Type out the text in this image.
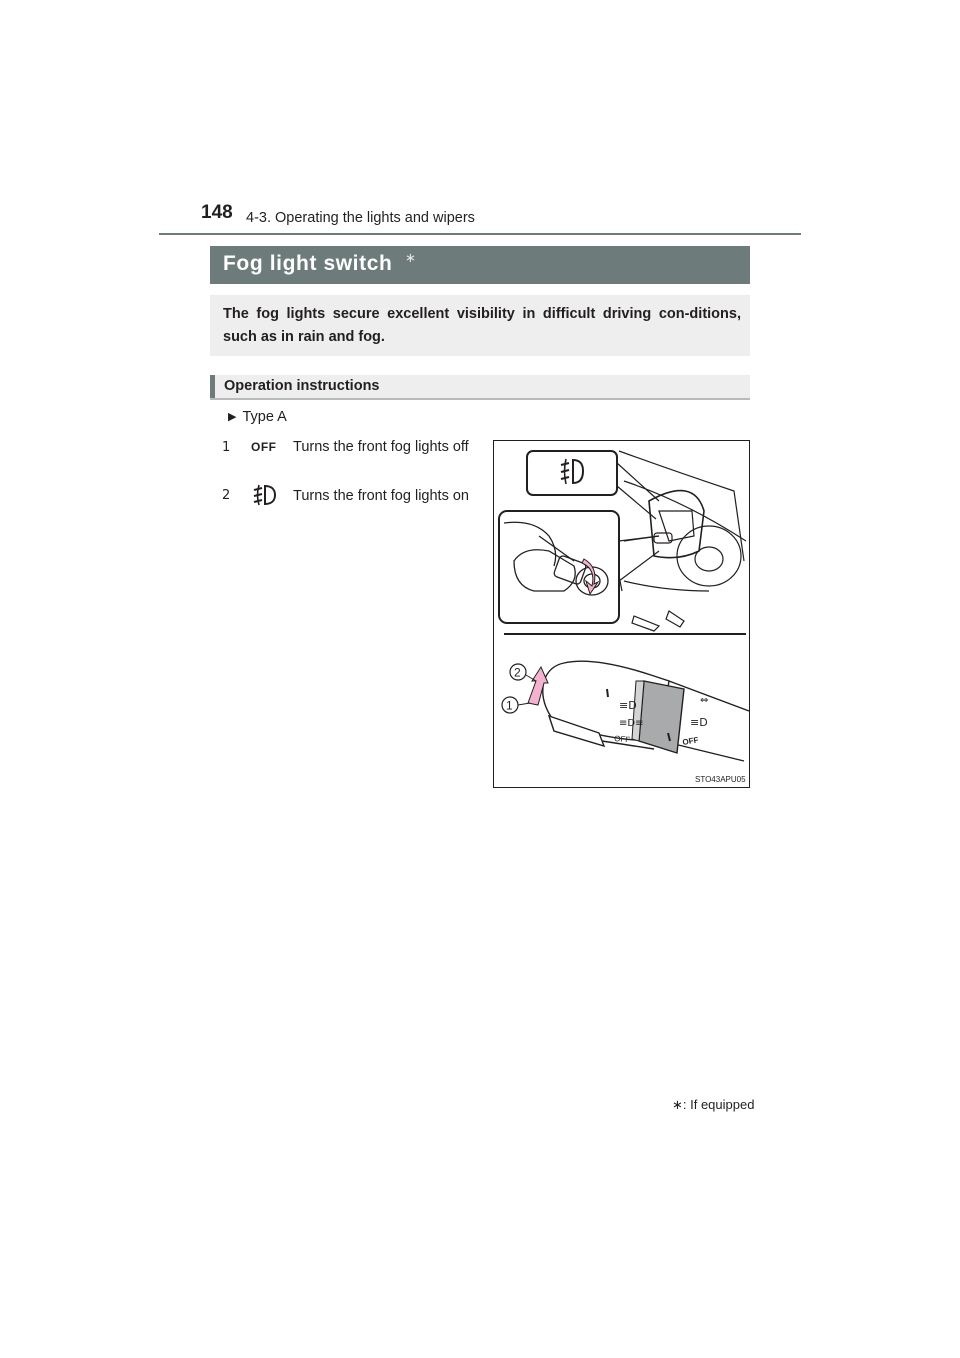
148 4-3. Operating the lights and wipers
Fog light switch ∗
The fog lights secure excellent visibility in difficult driving con-ditions, such as in rain and fog.
Operation instructions
▶ Type A
1	OFF Turns the front fog lights off
2	Turns the front fog lights on
≡D
≡D≡
⇔
≡D
OFF
OFF
2
1
STO43APU05
∗: If equipped
